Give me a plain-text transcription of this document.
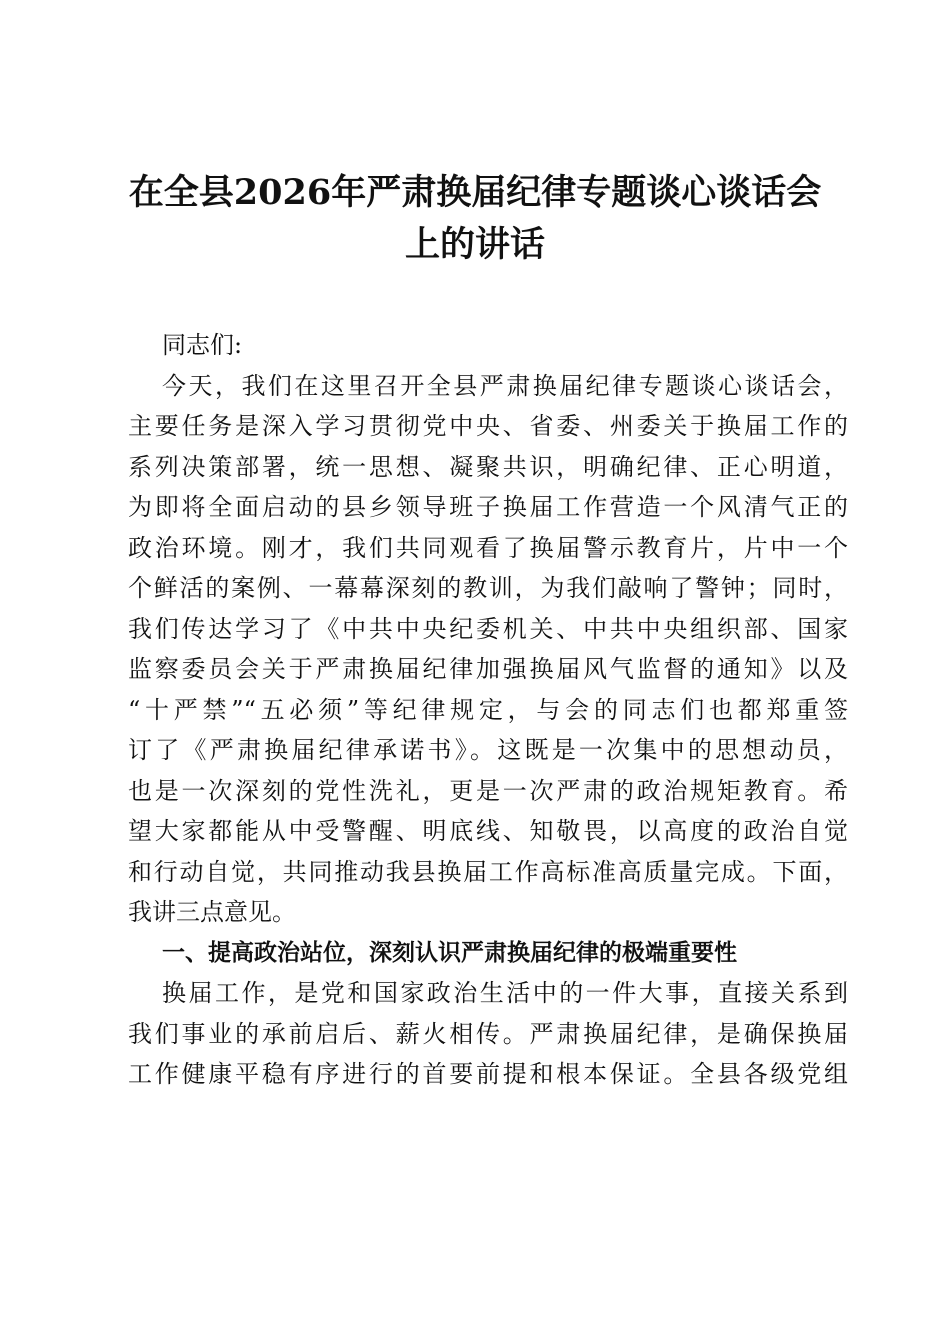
在全县2026年严肃换届纪律专题谈心谈话会
上的讲话
同志们:
今天，我们在这里召开全县严肃换届纪律专题谈心谈话会，
主要任务是深入学习贯彻党中央、省委、州委关于换届工作的
系列决策部署，统一思想、凝聚共识，明确纪律、正心明道，
为即将全面启动的县乡领导班子换届工作营造一个风清气正的
政治环境。刚才，我们共同观看了换届警示教育片，片中一个
个鲜活的案例、一幕幕深刻的教训，为我们敲响了警钟；同时，
我们传达学习了《中共中央纪委机关、中共中央组织部、国家
监察委员会关于严肃换届纪律加强换届风气监督的通知》以及
“十严禁”“五必须”等纪律规定，与会的同志们也都郑重签
订了《严肃换届纪律承诺书》。这既是一次集中的思想动员，
也是一次深刻的党性洗礼，更是一次严肃的政治规矩教育。希
望大家都能从中受警醒、明底线、知敬畏，以高度的政治自觉
和行动自觉，共同推动我县换届工作高标准高质量完成。下面，
我讲三点意见。
一、提高政治站位，深刻认识严肃换届纪律的极端重要性
换届工作，是党和国家政治生活中的一件大事，直接关系到
我们事业的承前启后、薪火相传。严肃换届纪律，是确保换届
工作健康平稳有序进行的首要前提和根本保证。全县各级党组
